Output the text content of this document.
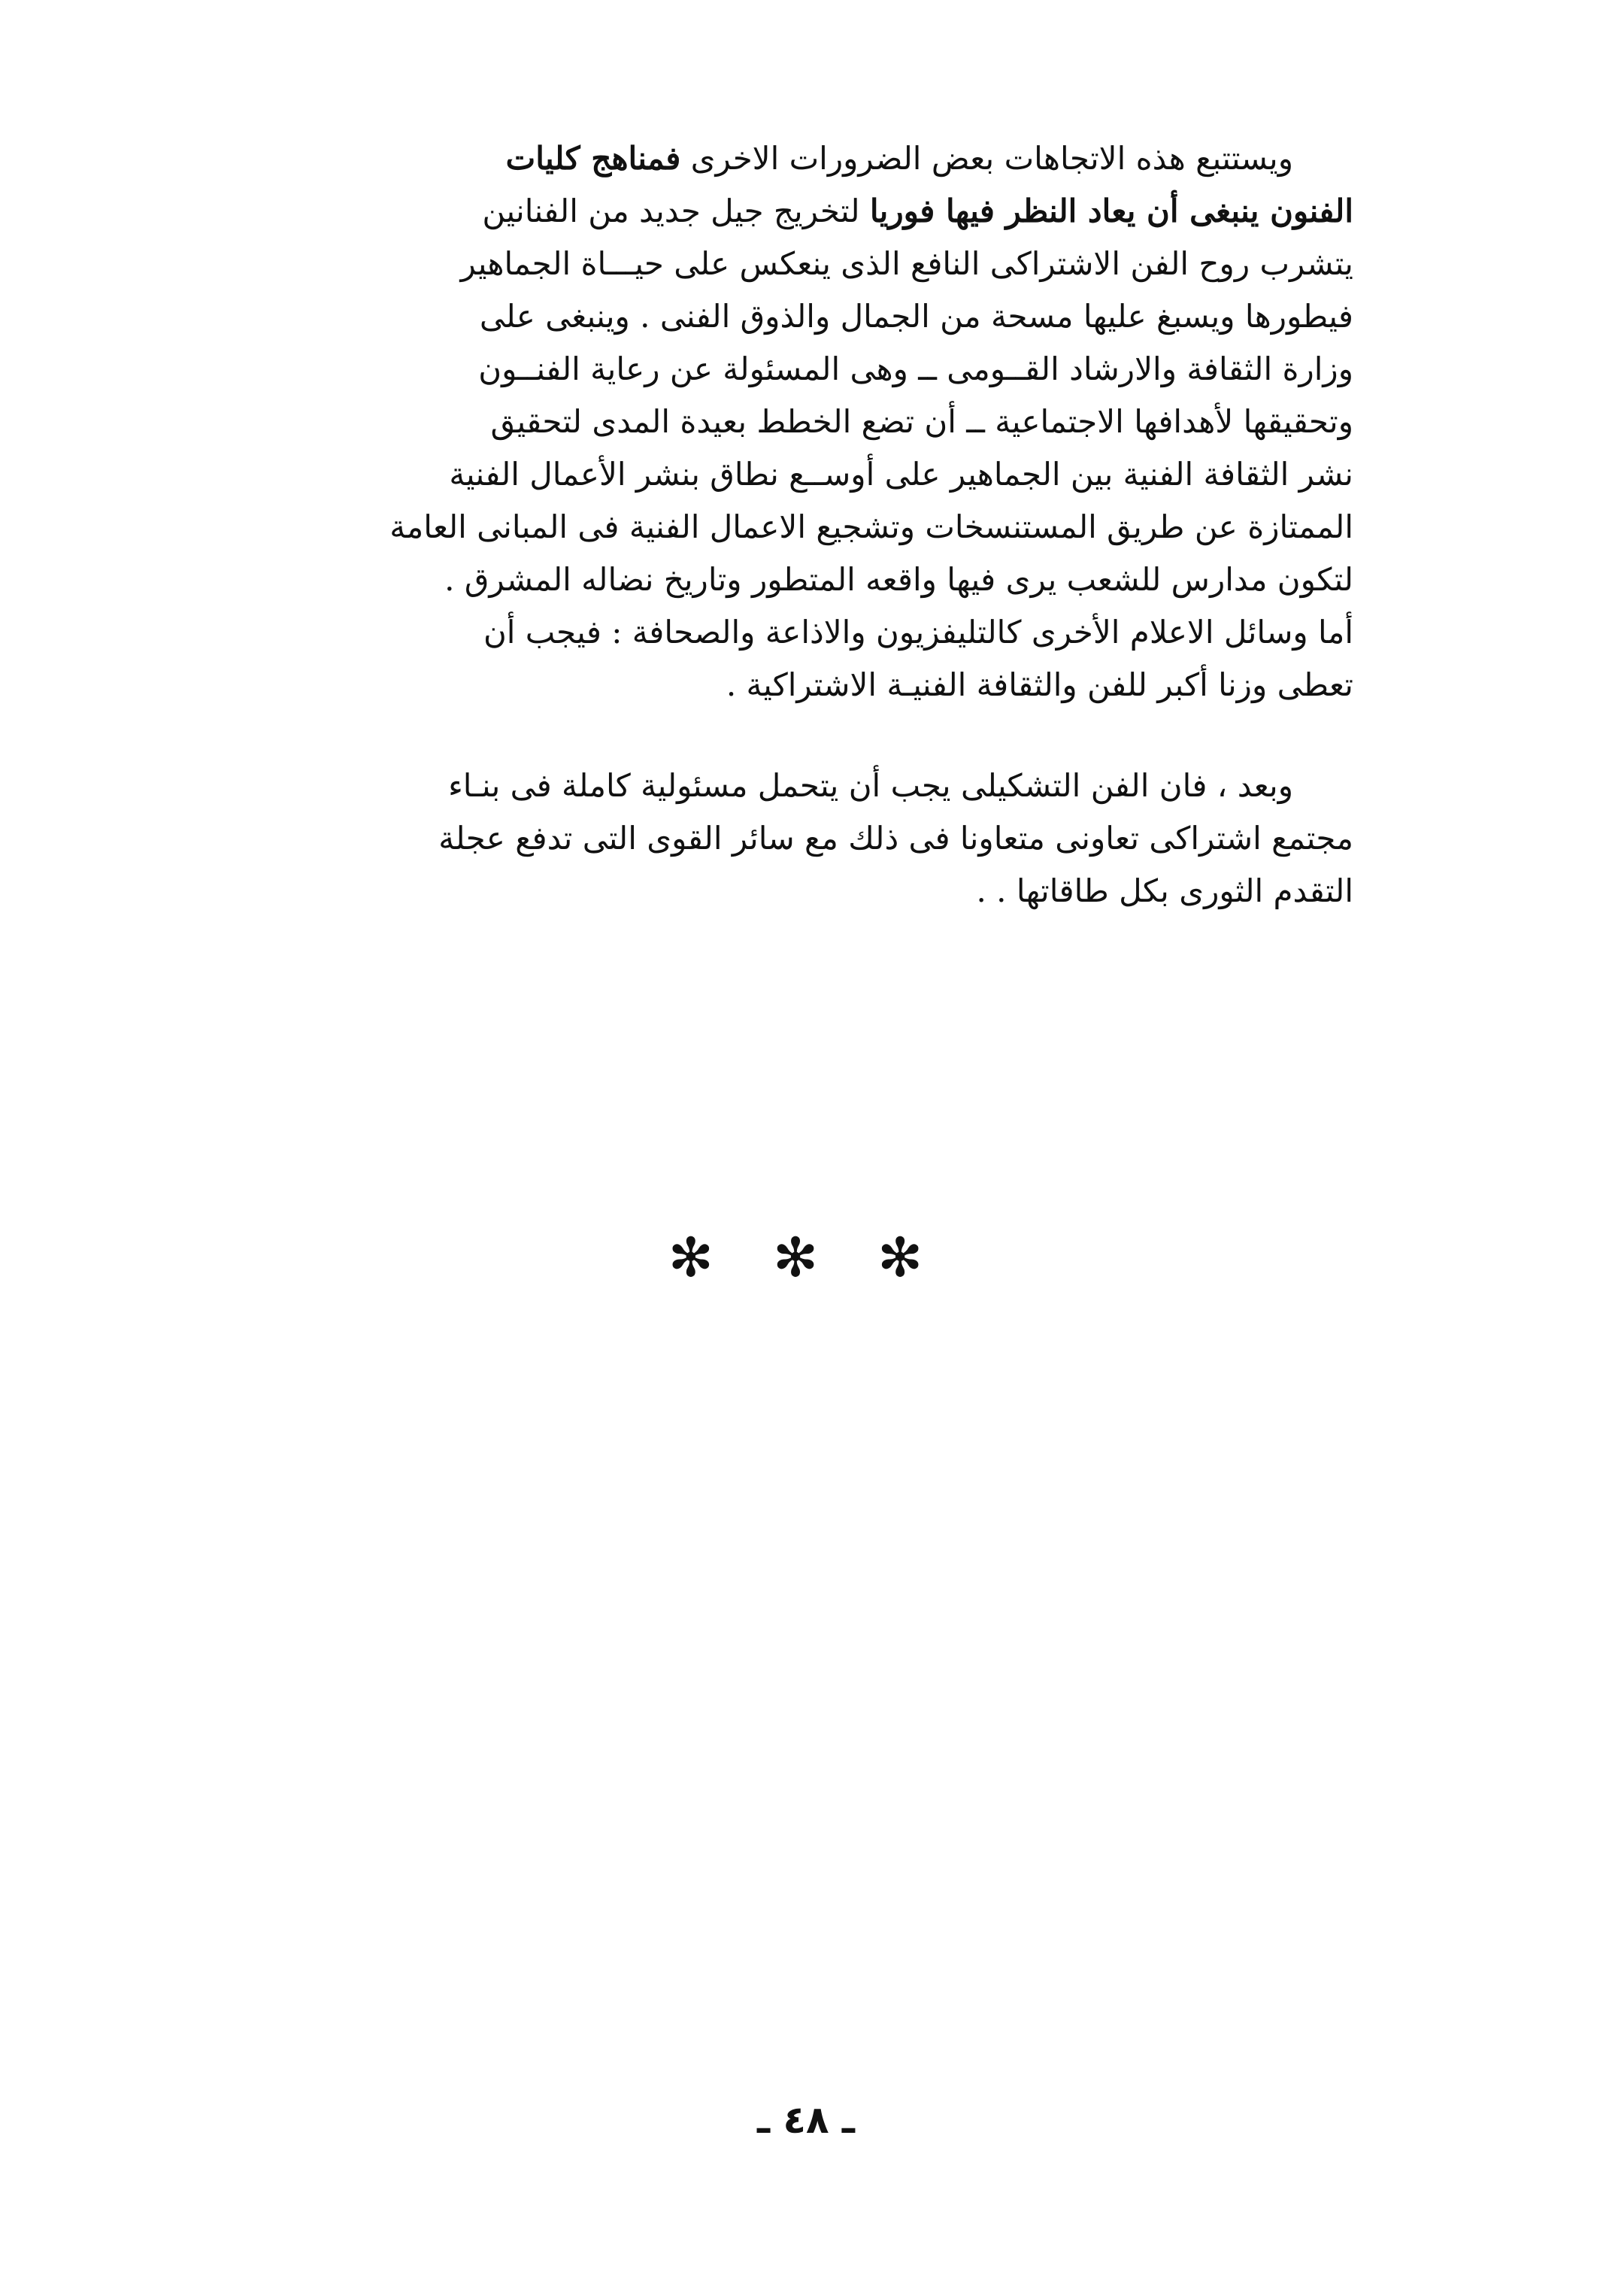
ويستتبع هذه الاتجاهات بعض الضرورات الاخرى فمناهج كليات
الفنون ينبغى أن يعاد النظر فيها فوريا لتخريج جيل جديد من الفنانين
يتشرب روح الفن الاشتراكى النافع الذى ينعكس على حيـــاة الجماهير
فيطورها ويسبغ عليها مسحة من الجمال والذوق الفنى . وينبغى على
وزارة الثقافة والارشاد القــومى ــ وهى المسئولة عن رعاية الفنــون
وتحقيقها لأهدافها الاجتماعية ــ أن تضع الخطط بعيدة المدى لتحقيق
نشر الثقافة الفنية بين الجماهير على أوســع نطاق بنشر الأعمال الفنية
الممتازة عن طريق المستنسخات وتشجيع الاعمال الفنية فى المبانى العامة
لتكون مدارس للشعب يرى فيها واقعه المتطور وتاريخ نضاله المشرق .
أما وسائل الاعلام الأخرى كالتليفزيون والاذاعة والصحافة : فيجب أن
تعطى وزنا أكبر للفن والثقافة الفنيـة الاشتراكية .
وبعد ، فان الفن التشكيلى يجب أن يتحمل مسئولية كاملة فى بنـاء
مجتمع اشتراكى تعاونى متعاونا فى ذلك مع سائر القوى التى تدفع عجلة
التقدم الثورى بكل طاقاتها . .
✻ ✻ ✻
ـ ٤٨ ـ
